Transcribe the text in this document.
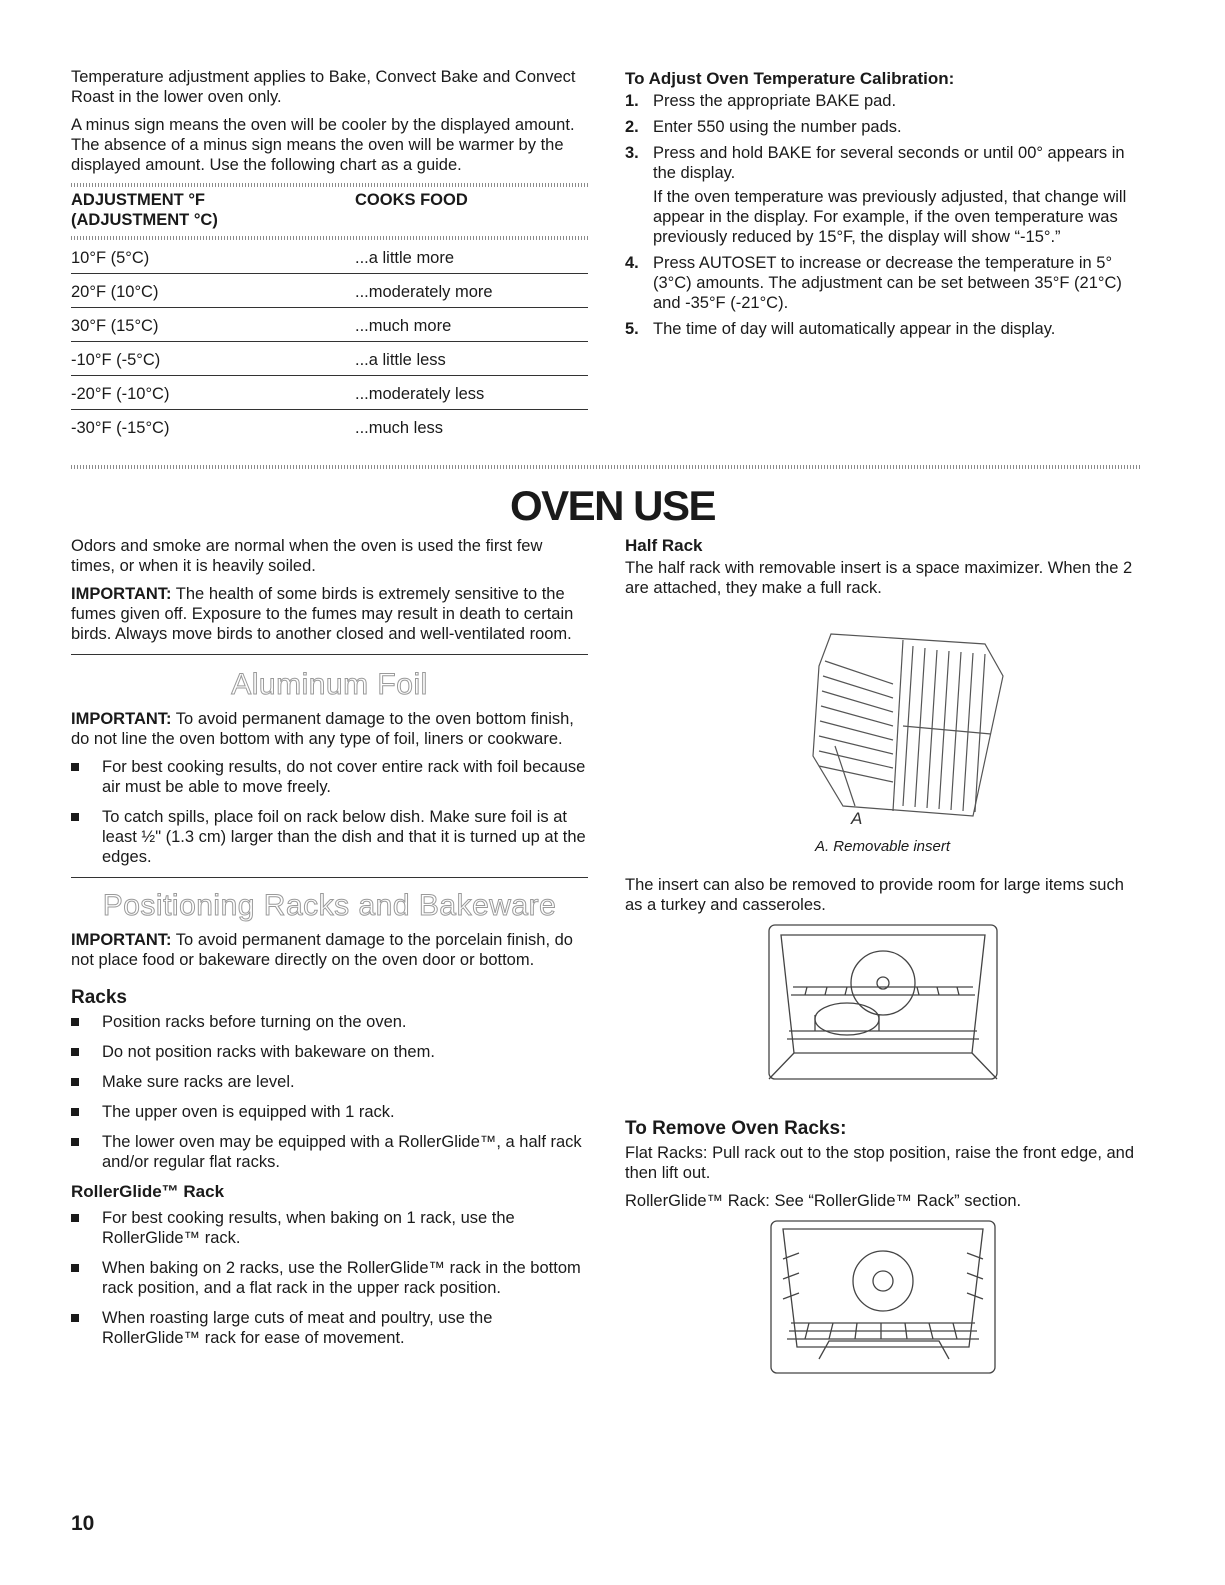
Temperature adjustment applies to Bake, Convect Bake and Convect Roast in the lower oven only.

A minus sign means the oven will be cooler by the displayed amount. The absence of a minus sign means the oven will be warmer by the displayed amount. Use the following chart as a guide.

ADJUSTMENT °F
(ADJUSTMENT °C)	COOKS FOOD

10°F (5°C)	...a little more
20°F (10°C)	...moderately more
30°F (15°C)	...much more
-10°F (-5°C)	...a little less
-20°F (-10°C)	...moderately less
-30°F (-15°C)	...much less
To Adjust Oven Temperature Calibration:
1. Press the appropriate BAKE pad.
2. Enter 550 using the number pads.
3. Press and hold BAKE for several seconds or until 00° appears in the display.
If the oven temperature was previously adjusted, that change will appear in the display. For example, if the oven temperature was previously reduced by 15°F, the display will show “-15°.”
4. Press AUTOSET to increase or decrease the temperature in 5° (3°C) amounts. The adjustment can be set between 35°F (21°C) and -35°F (-21°C).
5. The time of day will automatically appear in the display.
OVEN USE

Odors and smoke are normal when the oven is used the first few times, or when it is heavily soiled.

IMPORTANT: The health of some birds is extremely sensitive to the fumes given off. Exposure to the fumes may result in death to certain birds. Always move birds to another closed and well-ventilated room.

Aluminum Foil

IMPORTANT: To avoid permanent damage to the oven bottom finish, do not line the oven bottom with any type of foil, liners or cookware.

For best cooking results, do not cover entire rack with foil because air must be able to move freely.
To catch spills, place foil on rack below dish. Make sure foil is at least ½" (1.3 cm) larger than the dish and that it is turned up at the edges.
Positioning Racks and Bakeware

IMPORTANT: To avoid permanent damage to the porcelain finish, do not place food or bakeware directly on the oven door or bottom.

Racks
Position racks before turning on the oven.
Do not position racks with bakeware on them.
Make sure racks are level.
The upper oven is equipped with 1 rack.
The lower oven may be equipped with a RollerGlide™, a half rack and/or regular flat racks.
RollerGlide™ Rack
For best cooking results, when baking on 1 rack, use the RollerGlide™ rack.
When baking on 2 racks, use the RollerGlide™ rack in the bottom rack position, and a flat rack in the upper rack position.
When roasting large cuts of meat and poultry, use the RollerGlide™ rack for ease of movement.
Half Rack

The half rack with removable insert is a space maximizer. When the 2 are attached, they make a full rack.

A
A. Removable insert

The insert can also be removed to provide room for large items such as a turkey and casseroles.

To Remove Oven Racks:

Flat Racks: Pull rack out to the stop position, raise the front edge, and then lift out.

RollerGlide™ Rack: See “RollerGlide™ Rack” section.

10
